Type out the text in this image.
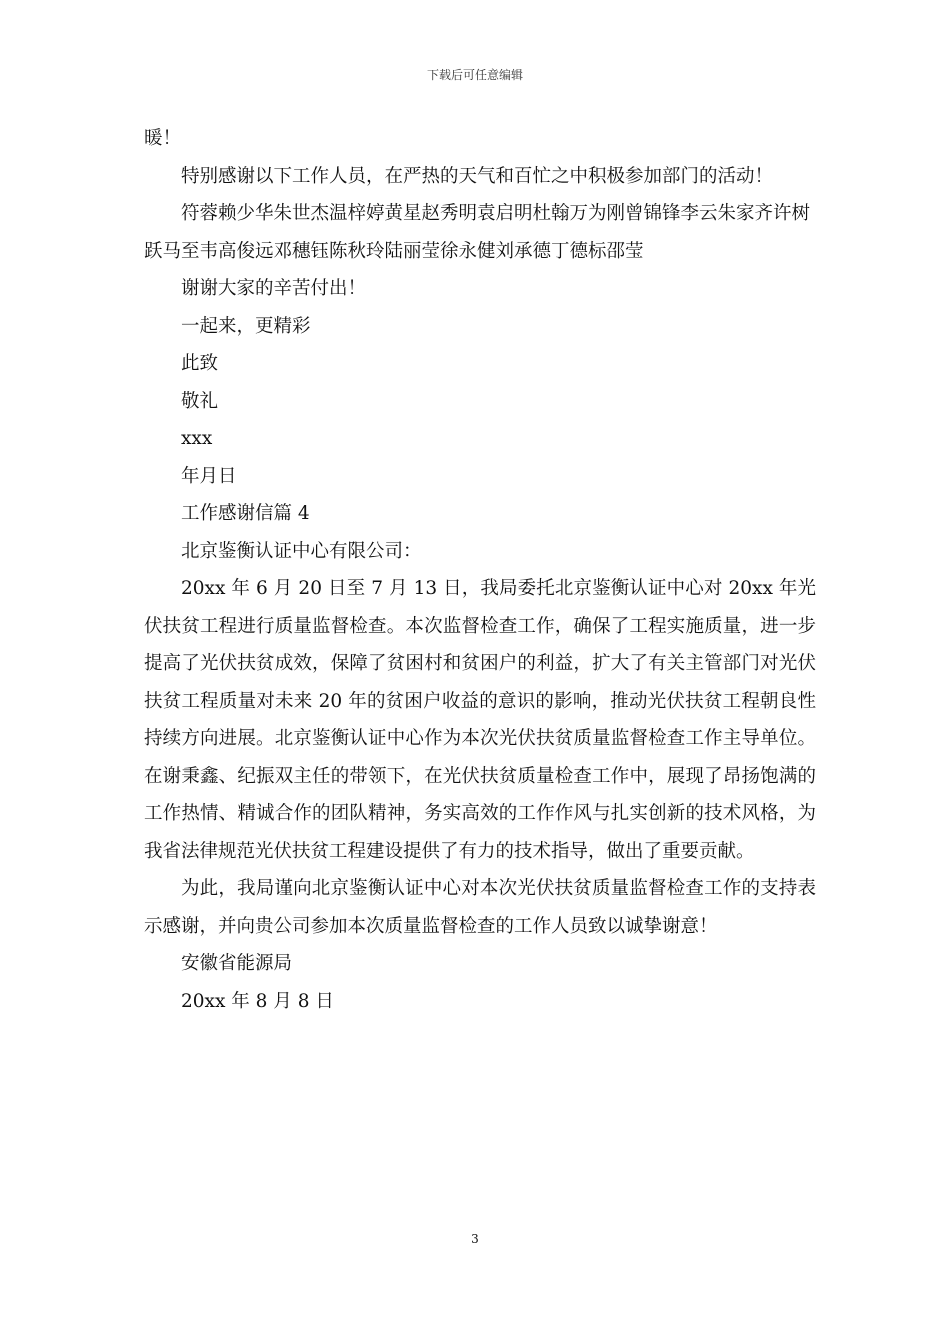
下载后可任意编辑

暖！

特别感谢以下工作人员，在严热的天气和百忙之中积极参加部门的活动！

符蓉赖少华朱世杰温梓婷黄星赵秀明袁启明杜翰万为刚曾锦锋李云朱家齐许树跃马至韦高俊远邓穗钰陈秋玲陆丽莹徐永健刘承德丁德标邵莹

谢谢大家的辛苦付出！

一起来，更精彩

此致

敬礼

xxx

年月日

工作感谢信篇 4

北京鉴衡认证中心有限公司：

20xx 年 6 月 20 日至 7 月 13 日，我局委托北京鉴衡认证中心对 20xx 年光伏扶贫工程进行质量监督检查。本次监督检查工作，确保了工程实施质量，进一步提高了光伏扶贫成效，保障了贫困村和贫困户的利益，扩大了有关主管部门对光伏扶贫工程质量对未来 20 年的贫困户收益的意识的影响，推动光伏扶贫工程朝良性持续方向进展。北京鉴衡认证中心作为本次光伏扶贫质量监督检查工作主导单位。在谢秉鑫、纪振双主任的带领下，在光伏扶贫质量检查工作中，展现了昂扬饱满的工作热情、精诚合作的团队精神，务实高效的工作作风与扎实创新的技术风格，为我省法律规范光伏扶贫工程建设提供了有力的技术指导，做出了重要贡献。

为此，我局谨向北京鉴衡认证中心对本次光伏扶贫质量监督检查工作的支持表示感谢，并向贵公司参加本次质量监督检查的工作人员致以诚挚谢意！

安徽省能源局

20xx 年 8 月 8 日

3
